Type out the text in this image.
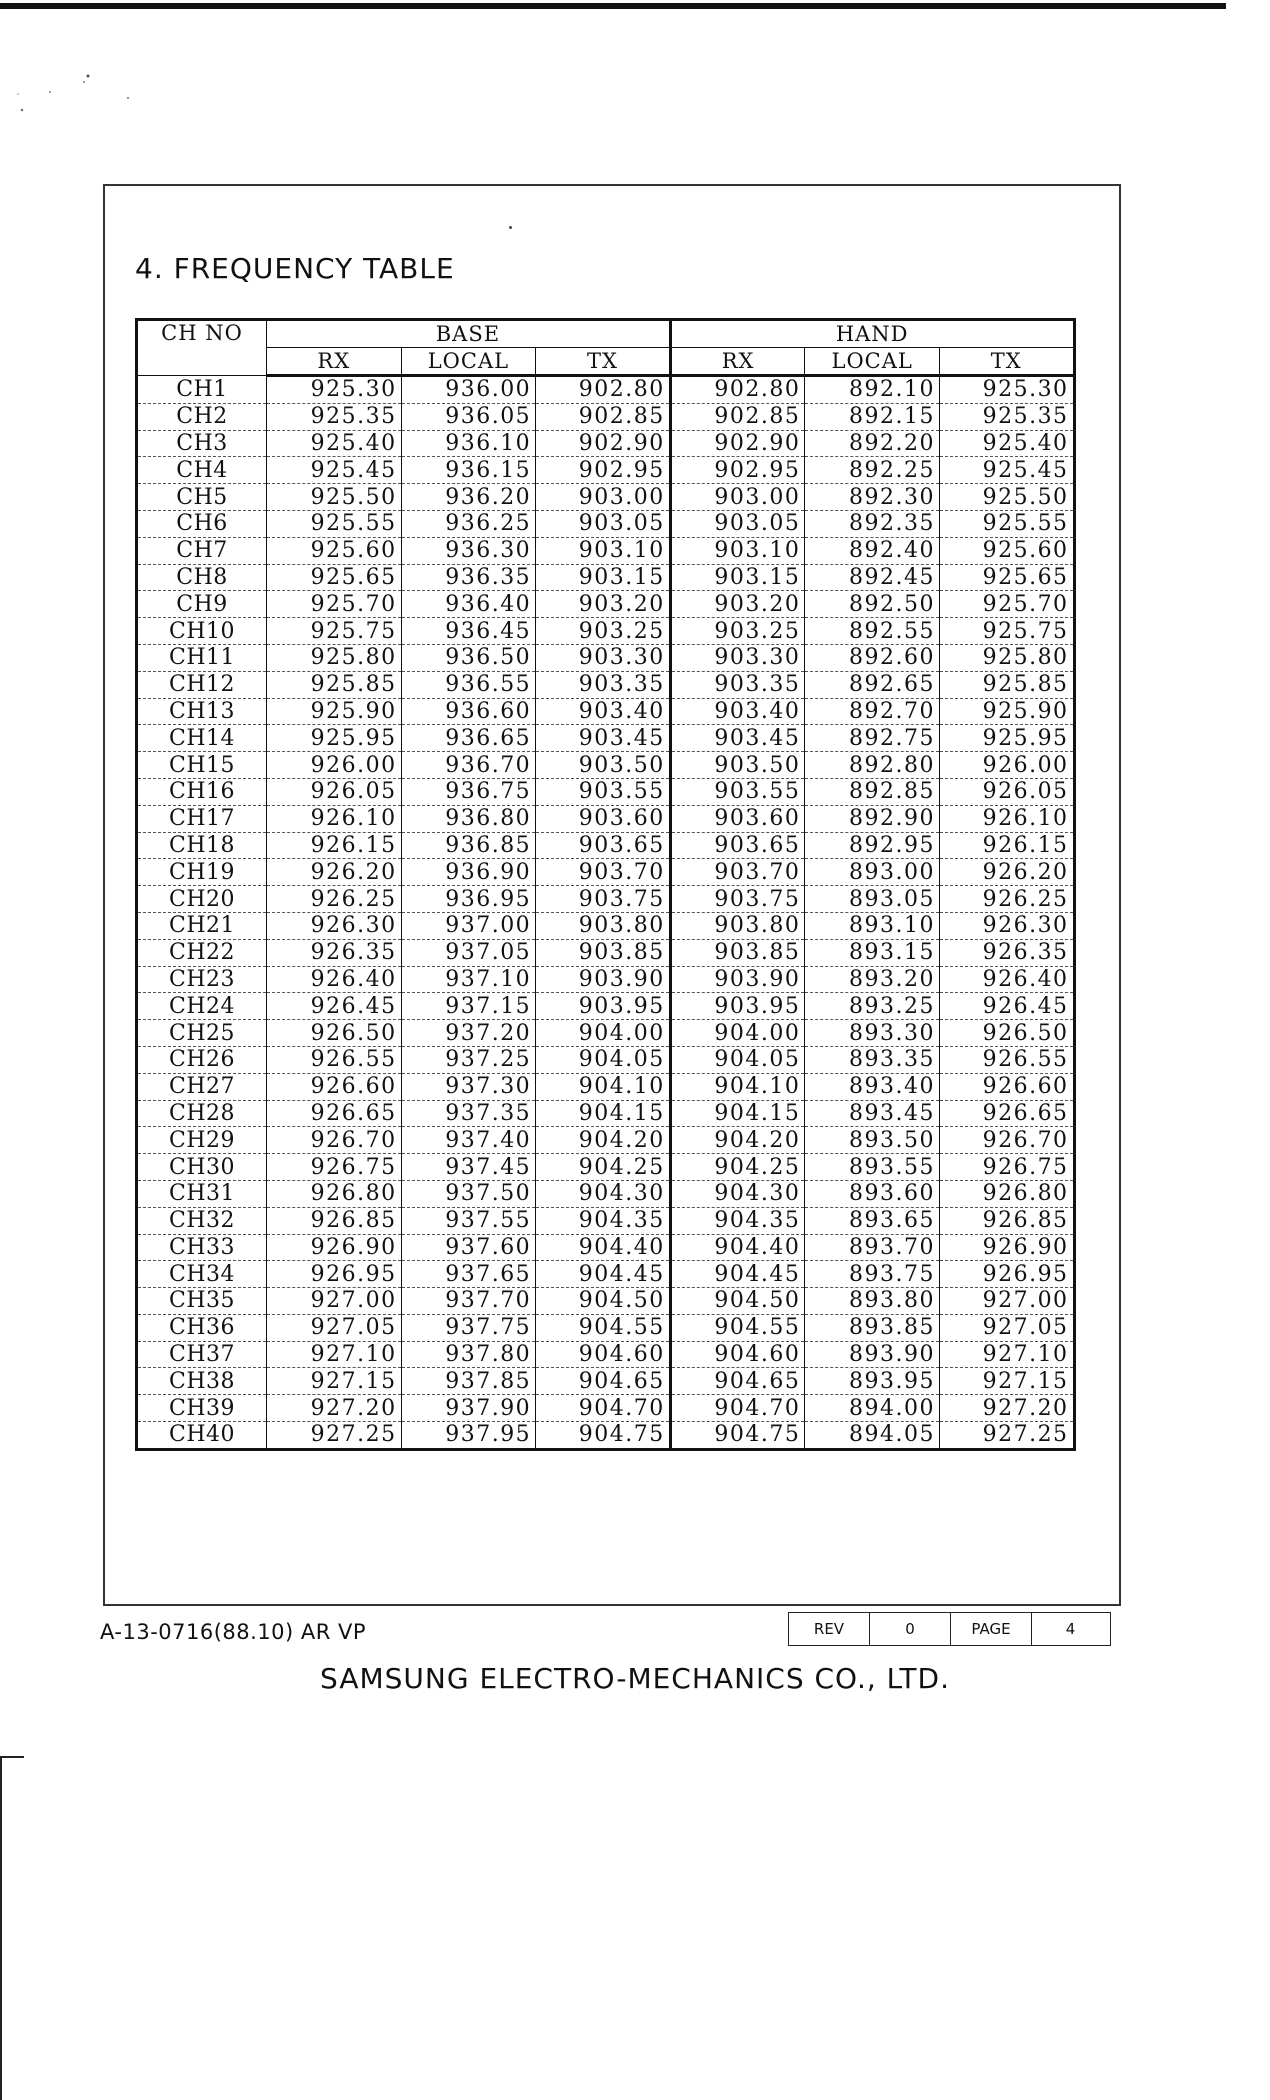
4. FREQUENCY TABLE
CH NO	BASE			HAND		
	RX	LOCAL	TX	RX	LOCAL	TX
CH1	925.30	936.00	902.80	902.80	892.10	925.30
CH2	925.35	936.05	902.85	902.85	892.15	925.35
CH3	925.40	936.10	902.90	902.90	892.20	925.40
CH4	925.45	936.15	902.95	902.95	892.25	925.45
CH5	925.50	936.20	903.00	903.00	892.30	925.50
CH6	925.55	936.25	903.05	903.05	892.35	925.55
CH7	925.60	936.30	903.10	903.10	892.40	925.60
CH8	925.65	936.35	903.15	903.15	892.45	925.65
CH9	925.70	936.40	903.20	903.20	892.50	925.70
CH10	925.75	936.45	903.25	903.25	892.55	925.75
CH11	925.80	936.50	903.30	903.30	892.60	925.80
CH12	925.85	936.55	903.35	903.35	892.65	925.85
CH13	925.90	936.60	903.40	903.40	892.70	925.90
CH14	925.95	936.65	903.45	903.45	892.75	925.95
CH15	926.00	936.70	903.50	903.50	892.80	926.00
CH16	926.05	936.75	903.55	903.55	892.85	926.05
CH17	926.10	936.80	903.60	903.60	892.90	926.10
CH18	926.15	936.85	903.65	903.65	892.95	926.15
CH19	926.20	936.90	903.70	903.70	893.00	926.20
CH20	926.25	936.95	903.75	903.75	893.05	926.25
CH21	926.30	937.00	903.80	903.80	893.10	926.30
CH22	926.35	937.05	903.85	903.85	893.15	926.35
CH23	926.40	937.10	903.90	903.90	893.20	926.40
CH24	926.45	937.15	903.95	903.95	893.25	926.45
CH25	926.50	937.20	904.00	904.00	893.30	926.50
CH26	926.55	937.25	904.05	904.05	893.35	926.55
CH27	926.60	937.30	904.10	904.10	893.40	926.60
CH28	926.65	937.35	904.15	904.15	893.45	926.65
CH29	926.70	937.40	904.20	904.20	893.50	926.70
CH30	926.75	937.45	904.25	904.25	893.55	926.75
CH31	926.80	937.50	904.30	904.30	893.60	926.80
CH32	926.85	937.55	904.35	904.35	893.65	926.85
CH33	926.90	937.60	904.40	904.40	893.70	926.90
CH34	926.95	937.65	904.45	904.45	893.75	926.95
CH35	927.00	937.70	904.50	904.50	893.80	927.00
CH36	927.05	937.75	904.55	904.55	893.85	927.05
CH37	927.10	937.80	904.60	904.60	893.90	927.10
CH38	927.15	937.85	904.65	904.65	893.95	927.15
CH39	927.20	937.90	904.70	904.70	894.00	927.20
CH40	927.25	937.95	904.75	904.75	894.05	927.25
A-13-0716(88.10) AR VP	REV	0	PAGE	4
SAMSUNG ELECTRO-MECHANICS CO., LTD.
